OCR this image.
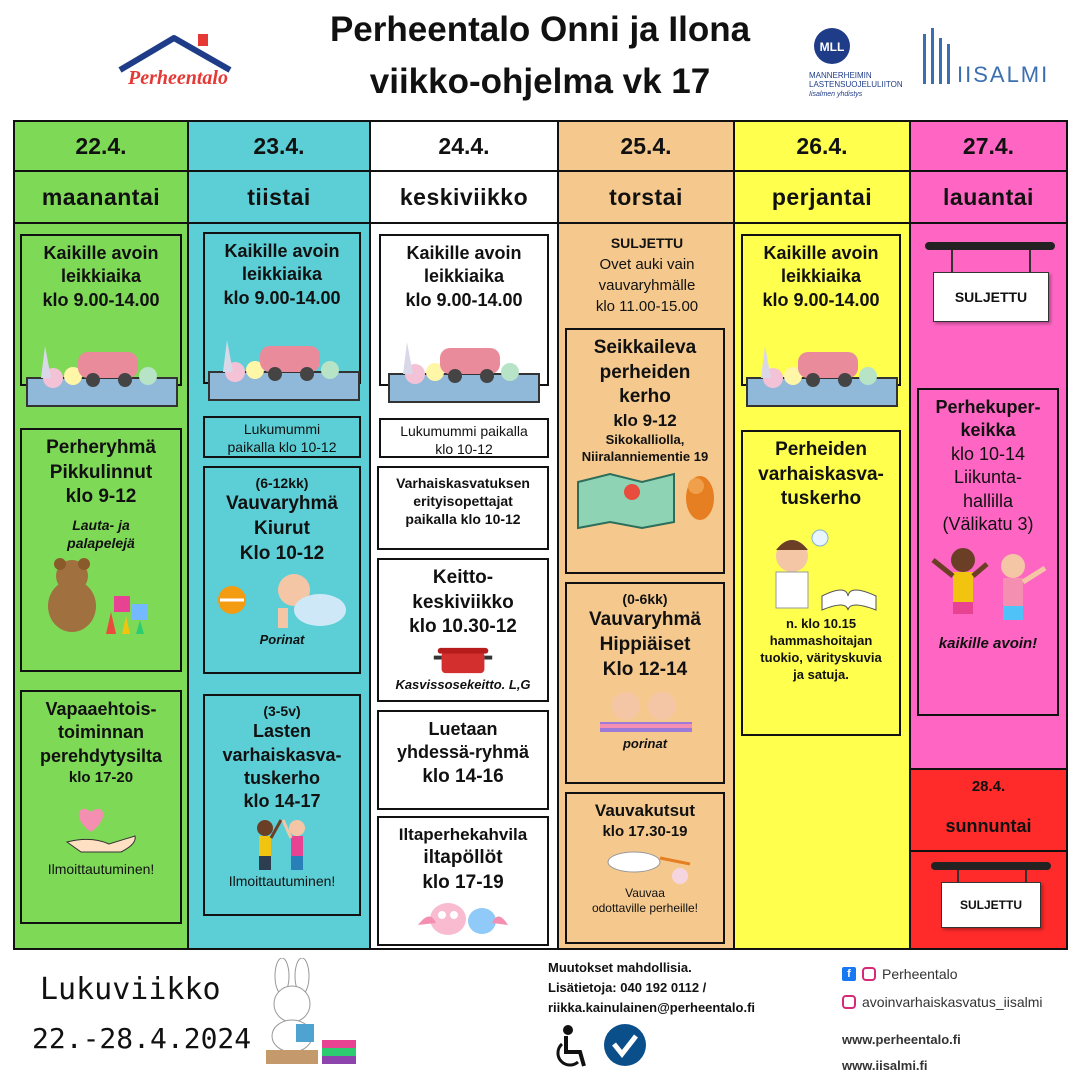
Perheentalo
Perheentalo Onni ja Ilona
viikko-ohjelma vk 17
MLL
MANNERHEIMIN
LASTENSUOJELULIITON
Iisalmen yhdistys
IISALMI
22.4.
maanantai
Kaikille avoin
leikkiaika
klo 9.00-14.00
Perheryhmä
Pikkulinnut
klo 9-12
Lauta- ja
palapelejä
Vapaaehtois-
toiminnan
perehdytysilta
klo 17-20
Ilmoittautuminen!
23.4.
tiistai
Kaikille avoin
leikkiaika
klo 9.00-14.00
Lukumummi
paikalla klo 10-12
(6-12kk)
Vauvaryhmä
Kiurut
Klo 10-12
Porinat
(3-5v)
Lasten
varhaiskasva-
tuskerho
klo 14-17
Ilmoittautuminen!
24.4.
keskiviikko
Kaikille avoin
leikkiaika
klo 9.00-14.00
Lukumummi paikalla
klo 10-12
Varhaiskasvatuksen
erityisopettajat
paikalla klo 10-12
Keitto-
keskiviikko
klo 10.30-12
Kasvissosekeitto. L,G
Luetaan
yhdessä-ryhmä
klo 14-16
Iltaperhekahvila
iltapöllöt
klo 17-19
25.4.
torstai
SULJETTU
Ovet auki vain
vauvaryhmälle
klo 11.00-15.00
Seikkaileva
perheiden
kerho
klo 9-12
Sikokalliolla,
Niiralanniementie 19
(0-6kk)
Vauvaryhmä
Hippiäiset
Klo 12-14
porinat
Vauvakutsut
klo 17.30-19
Vauvaa
odottaville perheille!
26.4.
perjantai
Kaikille avoin
leikkiaika
klo 9.00-14.00
Perheiden
varhaiskasva-
tuskerho
n. klo 10.15
hammashoitajan
tuokio, värityskuvia
ja satuja.
27.4.
lauantai
SULJETTU
Perhekuper-
keikka
klo 10-14
Liikunta-
hallilla
(Välikatu 3)
kaikille avoin!
28.4.
sunnuntai
SULJETTU
Lukuviikko
22.-28.4.2024
Muutokset mahdollisia.
Lisätietoja: 040 192 0112 /
riikka.kainulainen@perheentalo.fi
f	Perheentalo
avoinvarhaiskasvatus_iisalmi
www.perheentalo.fi
www.iisalmi.fi
